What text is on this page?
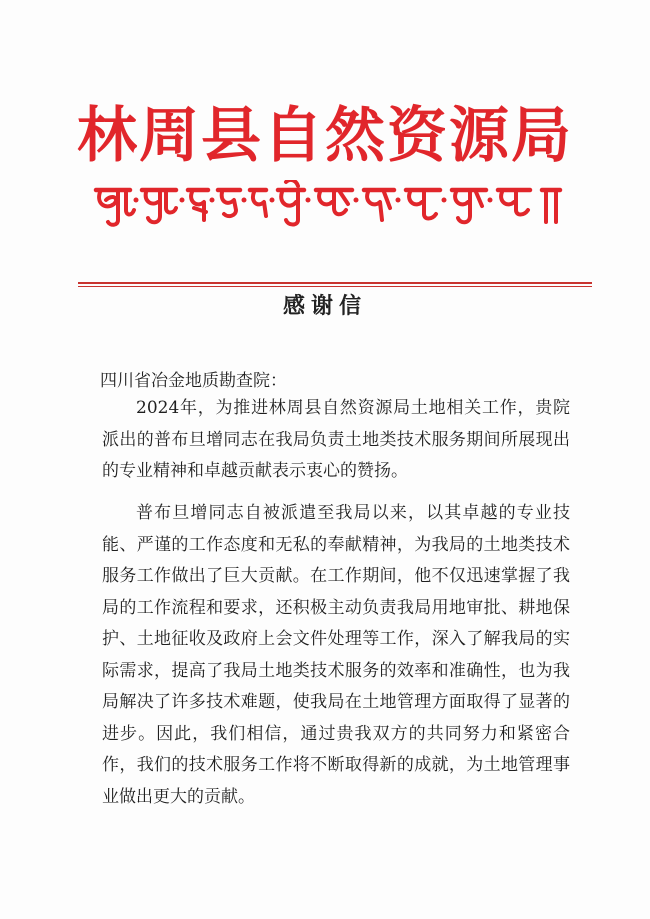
林周县自然资源局
感谢信
四川省冶金地质勘查院：

2024年，为推进林周县自然资源局土地相关工作，贵院派出的普布旦增同志在我局负责土地类技术服务期间所展现出的专业精神和卓越贡献表示衷心的赞扬。

普布旦增同志自被派遣至我局以来，以其卓越的专业技能、严谨的工作态度和无私的奉献精神，为我局的土地类技术服务工作做出了巨大贡献。在工作期间，他不仅迅速掌握了我局的工作流程和要求，还积极主动负责我局用地审批、耕地保护、土地征收及政府上会文件处理等工作，深入了解我局的实际需求，提高了我局土地类技术服务的效率和准确性，也为我局解决了许多技术难题，使我局在土地管理方面取得了显著的进步。因此，我们相信，通过贵我双方的共同努力和紧密合作，我们的技术服务工作将不断取得新的成就，为土地管理事业做出更大的贡献。
